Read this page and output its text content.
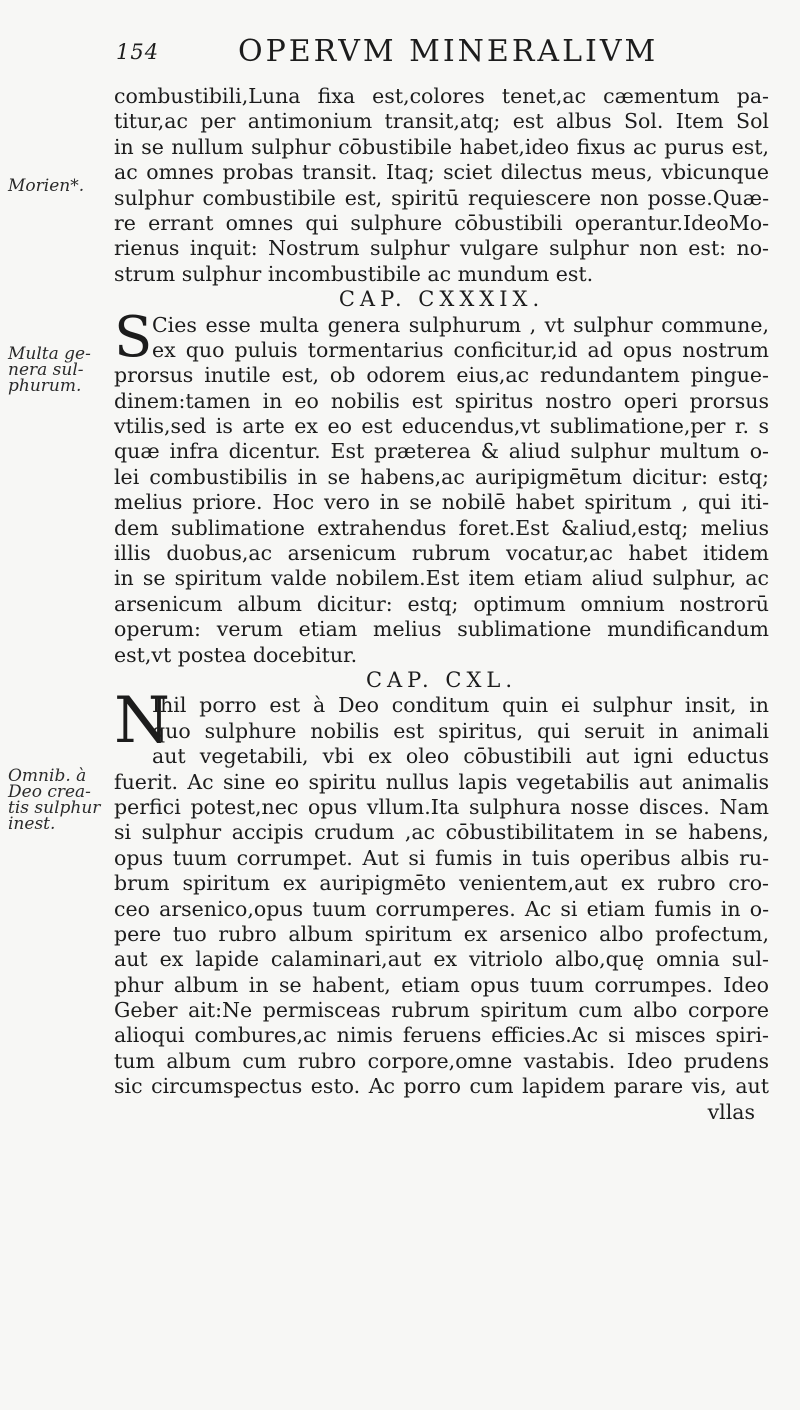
154	OPERVM MINERALIVM
Morien*.
Multa ge-
nera sul-
phurum.
Omnib. à
Deo crea-
tis sulphur
inest.
combustibili,Luna fixa est,colores tenet,ac cæmentum pa-
titur,ac per antimonium transit,atq; est albus Sol. Item Sol
in se nullum sulphur cōbustibile habet,ideo fixus ac purus est,
ac omnes probas transit. Itaq; sciet dilectus meus, vbicunque
sulphur combustibile est, spiritū requiescere non posse.Quæ-
re errant omnes qui sulphure cōbustibili operantur.IdeoMo-
rienus inquit: Nostrum sulphur vulgare sulphur non est: no-
strum sulphur incombustibile ac mundum est.
CAP. CXXXIX.
S Cies esse multa genera sulphurum , vt sulphur commune,
ex quo puluis tormentarius conficitur,id ad opus nostrum
prorsus inutile est, ob odorem eius,ac redundantem pingue-
dinem:tamen in eo nobilis est spiritus nostro operi prorsus
vtilis,sed is arte ex eo est educendus,vt sublimatione,per r. s
quæ infra dicentur. Est præterea & aliud sulphur multum o-
lei combustibilis in se habens,ac auripigmētum dicitur: estq;
melius priore. Hoc vero in se nobilē habet spiritum , qui iti-
dem sublimatione extrahendus foret.Est &aliud,estq; melius
illis duobus,ac arsenicum rubrum vocatur,ac habet itidem
in se spiritum valde nobilem.Est item etiam aliud sulphur, ac
arsenicum album dicitur: estq; optimum omnium nostrorū
operum: verum etiam melius sublimatione mundificandum
est,vt postea docebitur.
CAP. CXL.
N
Ihil porro est à Deo conditum quin ei sulphur insit, in
quo sulphure nobilis est spiritus, qui seruit in animali
aut vegetabili, vbi ex oleo cōbustibili aut igni eductus
fuerit. Ac sine eo spiritu nullus lapis vegetabilis aut animalis
perfici potest,nec opus vllum.Ita sulphura nosse disces. Nam
si sulphur accipis crudum ,ac cōbustibilitatem in se habens,
opus tuum corrumpet. Aut si fumis in tuis operibus albis ru-
brum spiritum ex auripigmēto venientem,aut ex rubro cro-
ceo arsenico,opus tuum corrumperes. Ac si etiam fumis in o-
pere tuo rubro album spiritum ex arsenico albo profectum,
aut ex lapide calaminari,aut ex vitriolo albo,quę omnia sul-
phur album in se habent, etiam opus tuum corrumpes. Ideo
Geber ait:Ne permisceas rubrum spiritum cum albo corpore
alioqui combures,ac nimis feruens efficies.Ac si misces spiri-
tum album cum rubro corpore,omne vastabis. Ideo prudens
sic circumspectus esto. Ac porro cum lapidem parare vis, aut
vllas
